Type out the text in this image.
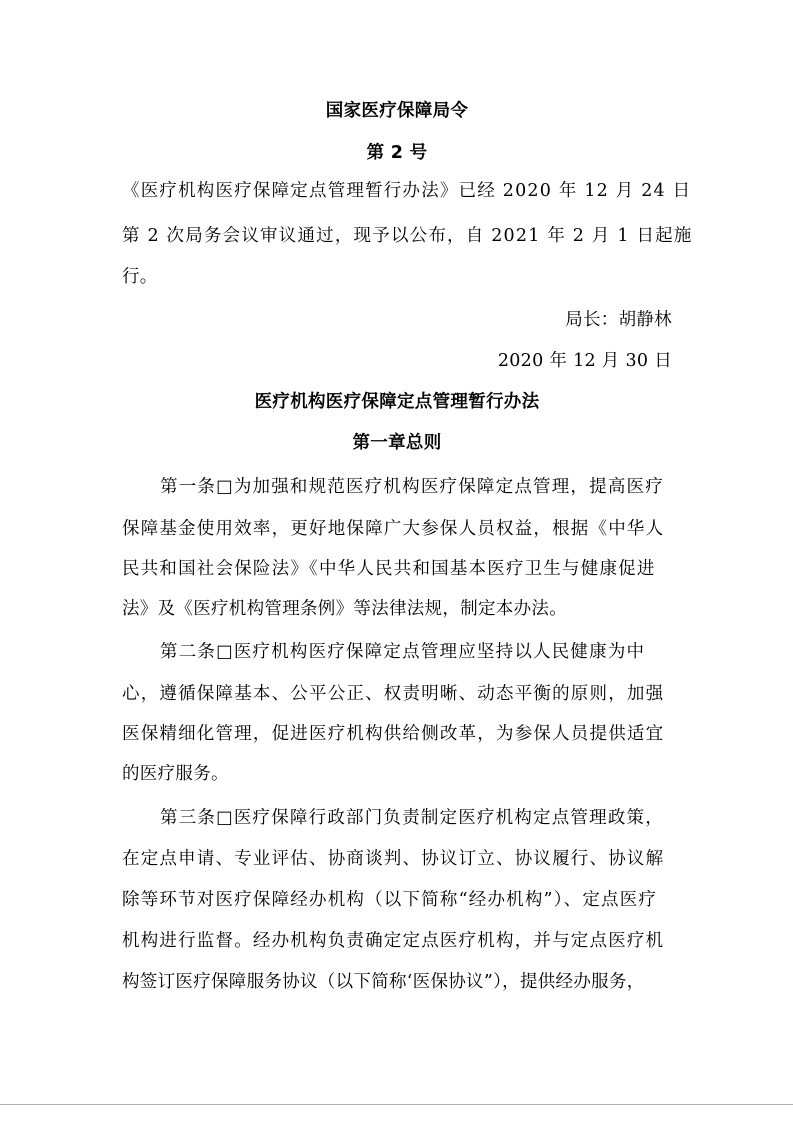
国家医疗保障局令
第 2 号
《医疗机构医疗保障定点管理暂行办法》已经 2020 年 12 月 24 日
第 2 次局务会议审议通过，现予以公布，自 2021 年 2 月 1 日起施
行。
局长：胡静林
2020 年 12 月 30 日
医疗机构医疗保障定点管理暂行办法
第一章总则
第一条□为加强和规范医疗机构医疗保障定点管理，提高医疗
保障基金使用效率，更好地保障广大参保人员权益，根据《中华人
民共和国社会保险法》《中华人民共和国基本医疗卫生与健康促进
法》及《医疗机构管理条例》等法律法规，制定本办法。
第二条□医疗机构医疗保障定点管理应坚持以人民健康为中
心，遵循保障基本、公平公正、权责明晰、动态平衡的原则，加强
医保精细化管理，促进医疗机构供给侧改革，为参保人员提供适宜
的医疗服务。
第三条□医疗保障行政部门负责制定医疗机构定点管理政策，
在定点申请、专业评估、协商谈判、协议订立、协议履行、协议解
除等环节对医疗保障经办机构（以下简称“经办机构”）、定点医疗
机构进行监督。经办机构负责确定定点医疗机构，并与定点医疗机
构签订医疗保障服务协议（以下简称‘医保协议”），提供经办服务，
